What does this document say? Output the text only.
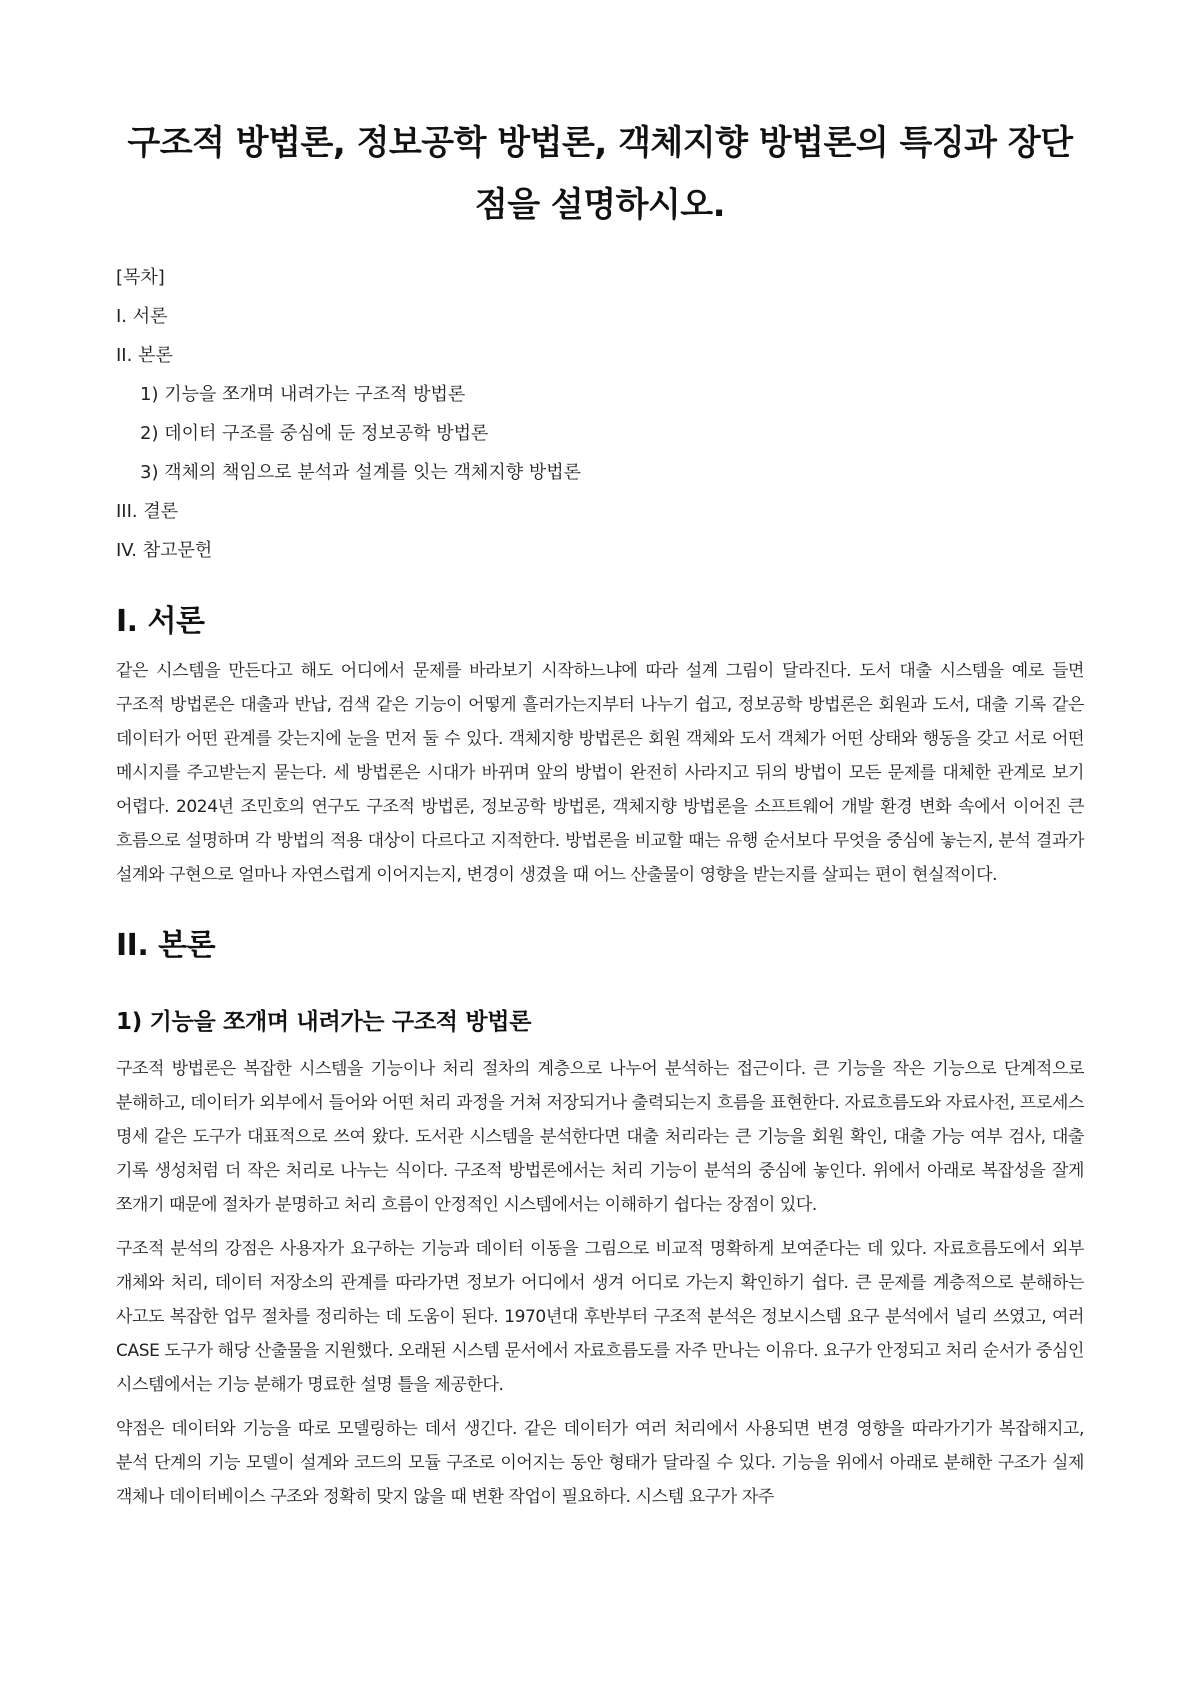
구조적 방법론, 정보공학 방법론, 객체지향 방법론의 특징과 장단점을 설명하시오.
[목차]
I. 서론
II. 본론
1) 기능을 쪼개며 내려가는 구조적 방법론
2) 데이터 구조를 중심에 둔 정보공학 방법론
3) 객체의 책임으로 분석과 설계를 잇는 객체지향 방법론
III. 결론
IV. 참고문헌
I. 서론

같은 시스템을 만든다고 해도 어디에서 문제를 바라보기 시작하느냐에 따라 설계 그림이 달라진다. 도서 대출 시스템을 예로 들면 구조적 방법론은 대출과 반납, 검색 같은 기능이 어떻게 흘러가는지부터 나누기 쉽고, 정보공학 방법론은 회원과 도서, 대출 기록 같은 데이터가 어떤 관계를 갖는지에 눈을 먼저 둘 수 있다. 객체지향 방법론은 회원 객체와 도서 객체가 어떤 상태와 행동을 갖고 서로 어떤 메시지를 주고받는지 묻는다. 세 방법론은 시대가 바뀌며 앞의 방법이 완전히 사라지고 뒤의 방법이 모든 문제를 대체한 관계로 보기 어렵다. 2024년 조민호의 연구도 구조적 방법론, 정보공학 방법론, 객체지향 방법론을 소프트웨어 개발 환경 변화 속에서 이어진 큰 흐름으로 설명하며 각 방법의 적용 대상이 다르다고 지적한다. 방법론을 비교할 때는 유행 순서보다 무엇을 중심에 놓는지, 분석 결과가 설계와 구현으로 얼마나 자연스럽게 이어지는지, 변경이 생겼을 때 어느 산출물이 영향을 받는지를 살피는 편이 현실적이다.

II. 본론
1) 기능을 쪼개며 내려가는 구조적 방법론

구조적 방법론은 복잡한 시스템을 기능이나 처리 절차의 계층으로 나누어 분석하는 접근이다. 큰 기능을 작은 기능으로 단계적으로 분해하고, 데이터가 외부에서 들어와 어떤 처리 과정을 거쳐 저장되거나 출력되는지 흐름을 표현한다. 자료흐름도와 자료사전, 프로세스 명세 같은 도구가 대표적으로 쓰여 왔다. 도서관 시스템을 분석한다면 대출 처리라는 큰 기능을 회원 확인, 대출 가능 여부 검사, 대출 기록 생성처럼 더 작은 처리로 나누는 식이다. 구조적 방법론에서는 처리 기능이 분석의 중심에 놓인다. 위에서 아래로 복잡성을 잘게 쪼개기 때문에 절차가 분명하고 처리 흐름이 안정적인 시스템에서는 이해하기 쉽다는 장점이 있다.

구조적 분석의 강점은 사용자가 요구하는 기능과 데이터 이동을 그림으로 비교적 명확하게 보여준다는 데 있다. 자료흐름도에서 외부 개체와 처리, 데이터 저장소의 관계를 따라가면 정보가 어디에서 생겨 어디로 가는지 확인하기 쉽다. 큰 문제를 계층적으로 분해하는 사고도 복잡한 업무 절차를 정리하는 데 도움이 된다. 1970년대 후반부터 구조적 분석은 정보시스템 요구 분석에서 널리 쓰였고, 여러 CASE 도구가 해당 산출물을 지원했다. 오래된 시스템 문서에서 자료흐름도를 자주 만나는 이유다. 요구가 안정되고 처리 순서가 중심인 시스템에서는 기능 분해가 명료한 설명 틀을 제공한다.

약점은 데이터와 기능을 따로 모델링하는 데서 생긴다. 같은 데이터가 여러 처리에서 사용되면 변경 영향을 따라가기가 복잡해지고, 분석 단계의 기능 모델이 설계와 코드의 모듈 구조로 이어지는 동안 형태가 달라질 수 있다. 기능을 위에서 아래로 분해한 구조가 실제 객체나 데이터베이스 구조와 정확히 맞지 않을 때 변환 작업이 필요하다. 시스템 요구가 자주
